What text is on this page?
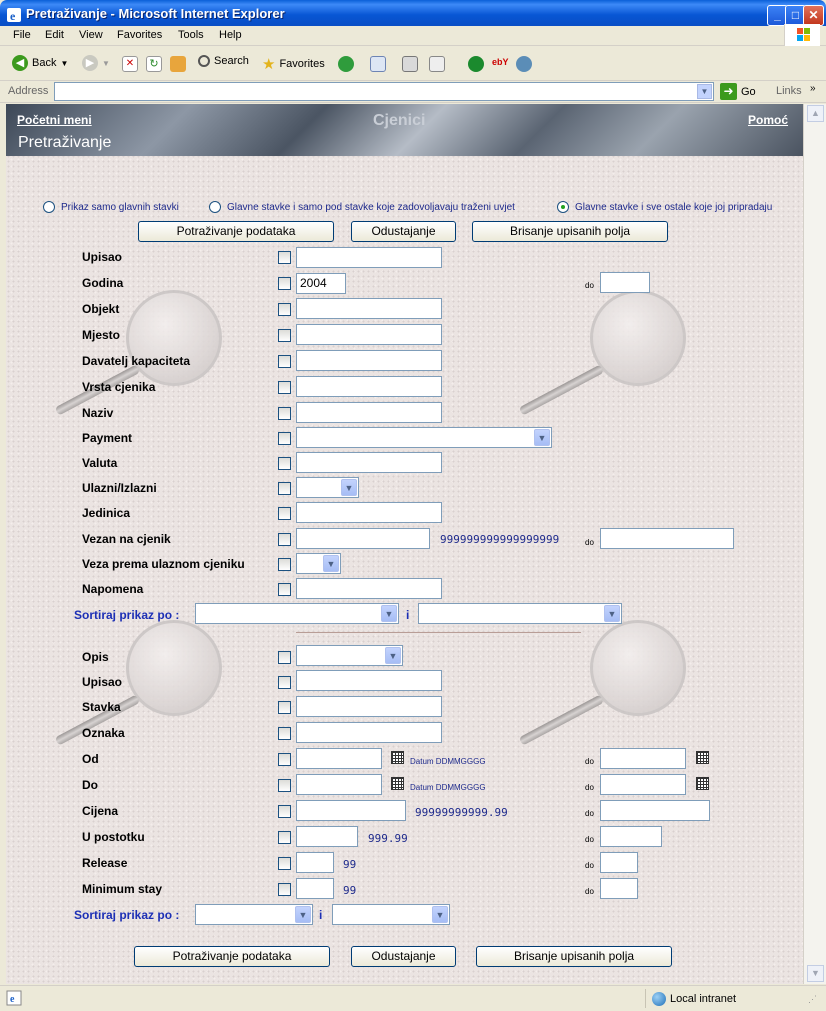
e Pretraživanje - Microsoft Internet Explorer	_ □ ✕
File Edit View Favorites Tools Help
◀ Back ▼	▶ ▼	✕	↻	Search ★ Favorites	ebY
Address	▼ ➜ Go Links »
Početni meni	Cjenici	Pomoć
Pretraživanje
Prikaz samo glavnih stavki	Glavne stavke i samo pod stavke koje zadovoljavaju traženi uvjet	Glavne stavke i sve ostale koje joj pripradaju
Potraživanje podataka	Odustajanje	Brisanje upisanih polja
Upisao
Godina	2004	do
Objekt
Mjesto
Davatelj kapaciteta
Vrsta cjenika
Naziv
Payment	▼
Valuta
Ulazni/Izlazni	▼
Jedinica
Vezan na cjenik	999999999999999999	do
Veza prema ulaznom cjeniku	▼
Napomena
Sortiraj prikaz po :	▼ i	▼
Opis	▼
Upisao
Stavka
Oznaka
Od	Datum DDMMGGGG	do
Do	Datum DDMMGGGG	do
Cijena	99999999999.99	do
U postotku	999.99	do
Release	99	do
Minimum stay	99	do
Sortiraj prikaz po :	▼ i	▼
Potraživanje podataka	Odustajanje	Brisanje upisanih polja
▲
▼
e	Local intranet	⋰
